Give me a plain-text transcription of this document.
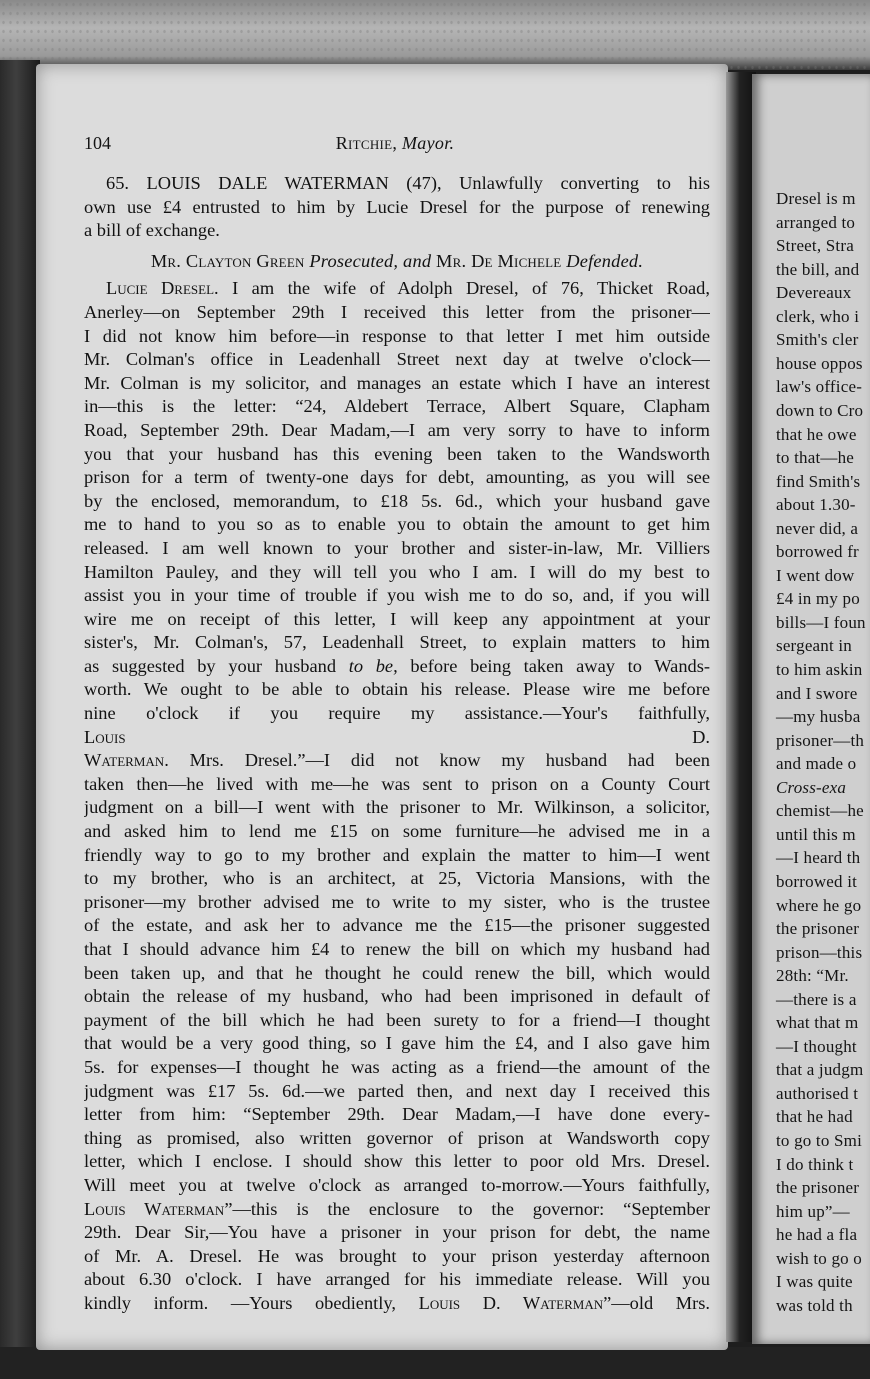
Dresel is m
arranged to
Street, Stra
the bill, and
Devereaux
clerk, who i
Smith's cler
house oppos
law's office-
down to Cro
that he owe
to that—he
find Smith's
about 1.30-
never did, a
borrowed fr
I went dow
£4 in my po
bills—I foun
sergeant in
to him askin
and I swore
—my husba
prisoner—th
and made o
Cross-exa
chemist—he
until this m
—I heard th
borrowed it
where he go
the prisoner
prison—this
28th: “Mr.
—there is a
what that m
—I thought
that a judgm
authorised t
that he had
to go to Smi
I do think t
the prisoner
him up”—
he had a fla
wish to go o
I was quite
was told th
104	Ritchie, Mayor.
65. LOUIS DALE WATERMAN (47), Unlawfully converting to his
own use £4 entrusted to him by Lucie Dresel for the purpose of renewing
a bill of exchange.
Mr. Clayton Green Prosecuted, and Mr. De Michele Defended.
Lucie Dresel. I am the wife of Adolph Dresel, of 76, Thicket Road,
Anerley—on September 29th I received this letter from the prisoner—
I did not know him before—in response to that letter I met him outside
Mr. Colman's office in Leadenhall Street next day at twelve o'clock—
Mr. Colman is my solicitor, and manages an estate which I have an interest
in—this is the letter: “24, Aldebert Terrace, Albert Square, Clapham
Road, September 29th. Dear Madam,—I am very sorry to have to inform
you that your husband has this evening been taken to the Wandsworth
prison for a term of twenty-one days for debt, amounting, as you will see
by the enclosed, memorandum, to £18 5s. 6d., which your husband gave
me to hand to you so as to enable you to obtain the amount to get him
released. I am well known to your brother and sister-in-law, Mr. Villiers
Hamilton Pauley, and they will tell you who I am. I will do my best to
assist you in your time of trouble if you wish me to do so, and, if you will
wire me on receipt of this letter, I will keep any appointment at your
sister's, Mr. Colman's, 57, Leadenhall Street, to explain matters to him
as suggested by your husband to be, before being taken away to Wands-
worth. We ought to be able to obtain his release. Please wire me before
nine o'clock if you require my assistance.—Your's faithfully,
Louis D.
Waterman. Mrs. Dresel.”—I did not know my husband had been
taken then—he lived with me—he was sent to prison on a County Court
judgment on a bill—I went with the prisoner to Mr. Wilkinson, a solicitor,
and asked him to lend me £15 on some furniture—he advised me in a
friendly way to go to my brother and explain the matter to him—I went
to my brother, who is an architect, at 25, Victoria Mansions, with the
prisoner—my brother advised me to write to my sister, who is the trustee
of the estate, and ask her to advance me the £15—the prisoner suggested
that I should advance him £4 to renew the bill on which my husband had
been taken up, and that he thought he could renew the bill, which would
obtain the release of my husband, who had been imprisoned in default of
payment of the bill which he had been surety to for a friend—I thought
that would be a very good thing, so I gave him the £4, and I also gave him
5s. for expenses—I thought he was acting as a friend—the amount of the
judgment was £17 5s. 6d.—we parted then, and next day I received this
letter from him: “September 29th. Dear Madam,—I have done every-
thing as promised, also written governor of prison at Wandsworth copy
letter, which I enclose. I should show this letter to poor old Mrs. Dresel.
Will meet you at twelve o'clock as arranged to-morrow.—Yours faithfully,
Louis Waterman”—this is the enclosure to the governor: “September
29th. Dear Sir,—You have a prisoner in your prison for debt, the name
of Mr. A. Dresel. He was brought to your prison yesterday afternoon
about 6.30 o'clock. I have arranged for his immediate release. Will you
kindly inform. —Yours obediently, Louis D. Waterman”—old Mrs.
